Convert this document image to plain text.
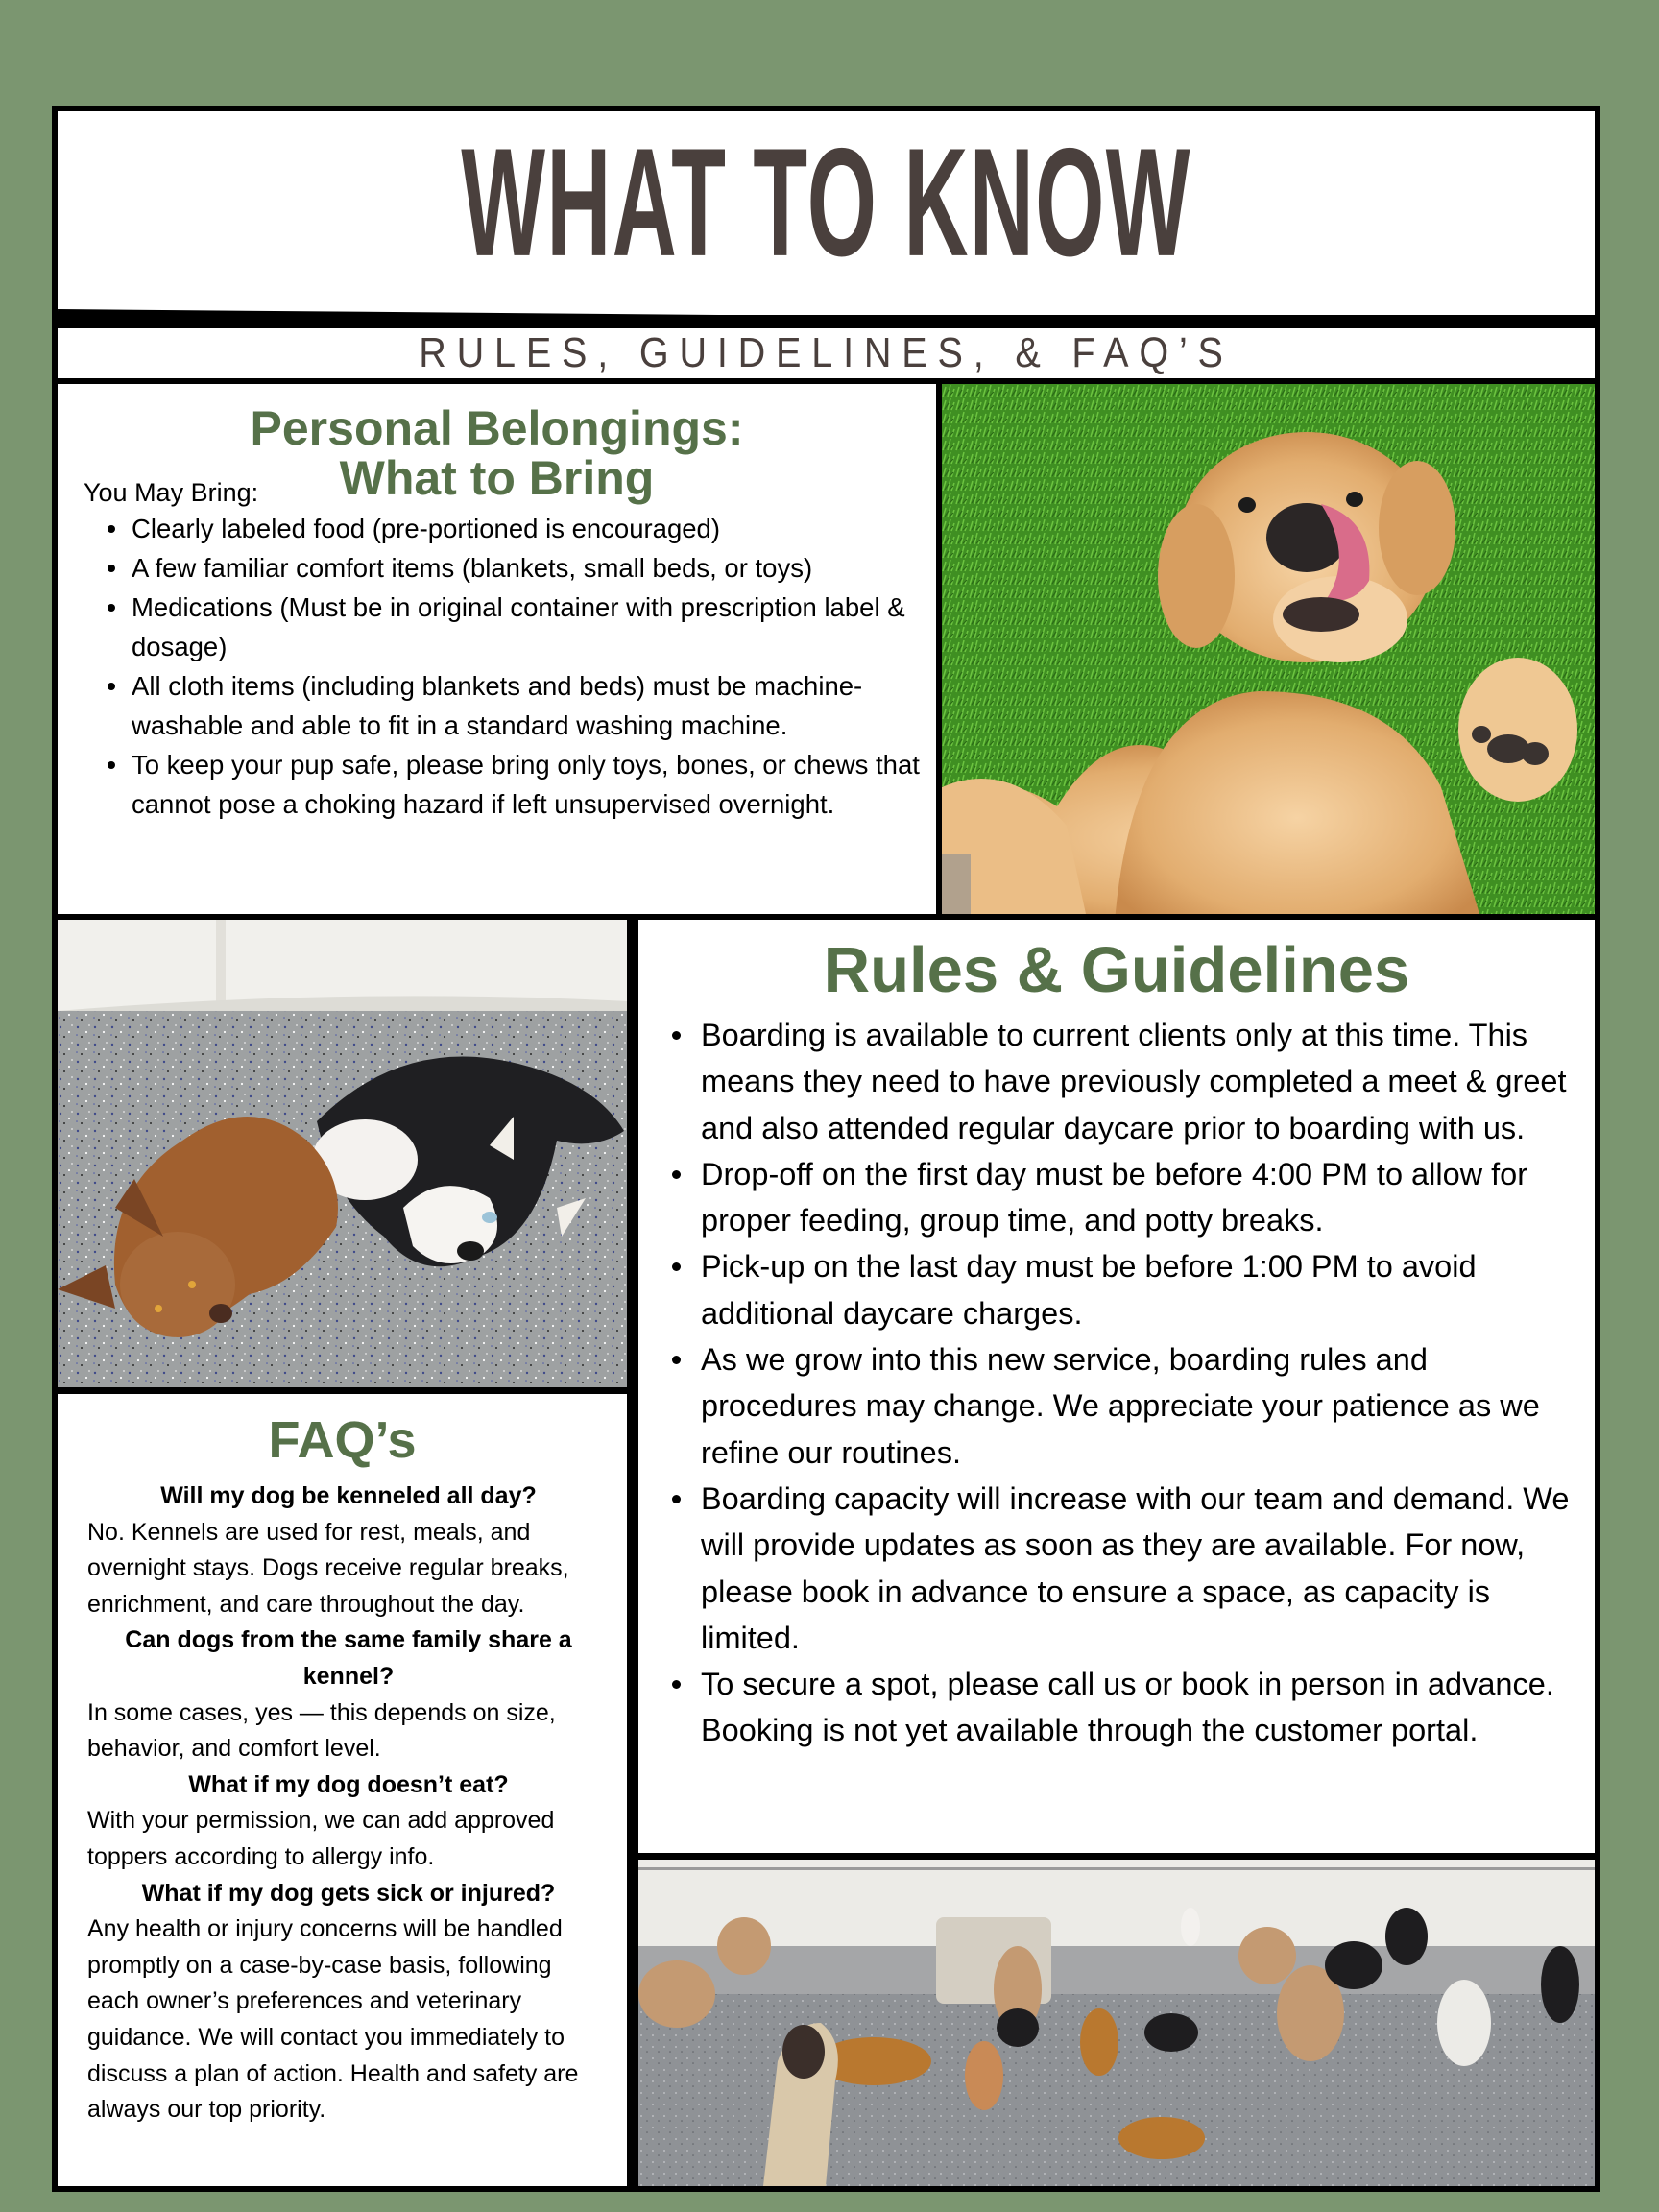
WHAT TO KNOW
RULES, GUIDELINES, & FAQ’S
Personal Belongings:
What to Bring
You May Bring:
Clearly labeled food (pre-portioned is encouraged)
A few familiar comfort items (blankets, small beds, or toys)
Medications (Must be in original container with prescription label & dosage)
All cloth items (including blankets and beds) must be machine-washable and able to fit in a standard washing machine.
To keep your pup safe, please bring only toys, bones, or chews that cannot pose a choking hazard if left unsupervised overnight.
FAQ’s
Will my dog be kenneled all day?
No. Kennels are used for rest, meals, and overnight stays. Dogs receive regular breaks, enrichment, and care throughout the day.
Can dogs from the same family share a kennel?
In some cases, yes — this depends on size, behavior, and comfort level.
What if my dog doesn’t eat?
With your permission, we can add approved toppers according to allergy info.
What if my dog gets sick or injured?
Any health or injury concerns will be handled promptly on a case-by-case basis, following each owner’s preferences and veterinary guidance. We will contact you immediately to discuss a plan of action. Health and safety are always our top priority.
Rules & Guidelines
Boarding is available to current clients only at this time. This means they need to have previously completed a meet & greet and also attended regular daycare prior to boarding with us.
Drop-off on the first day must be before 4:00 PM to allow for proper feeding, group time, and potty breaks.
Pick-up on the last day must be before 1:00 PM to avoid additional daycare charges.
As we grow into this new service, boarding rules and procedures may change. We appreciate your patience as we refine our routines.
Boarding capacity will increase with our team and demand. We will provide updates as soon as they are available. For now, please book in advance to ensure a space, as capacity is limited.
To secure a spot, please call us or book in person in advance. Booking is not yet available through the customer portal.
